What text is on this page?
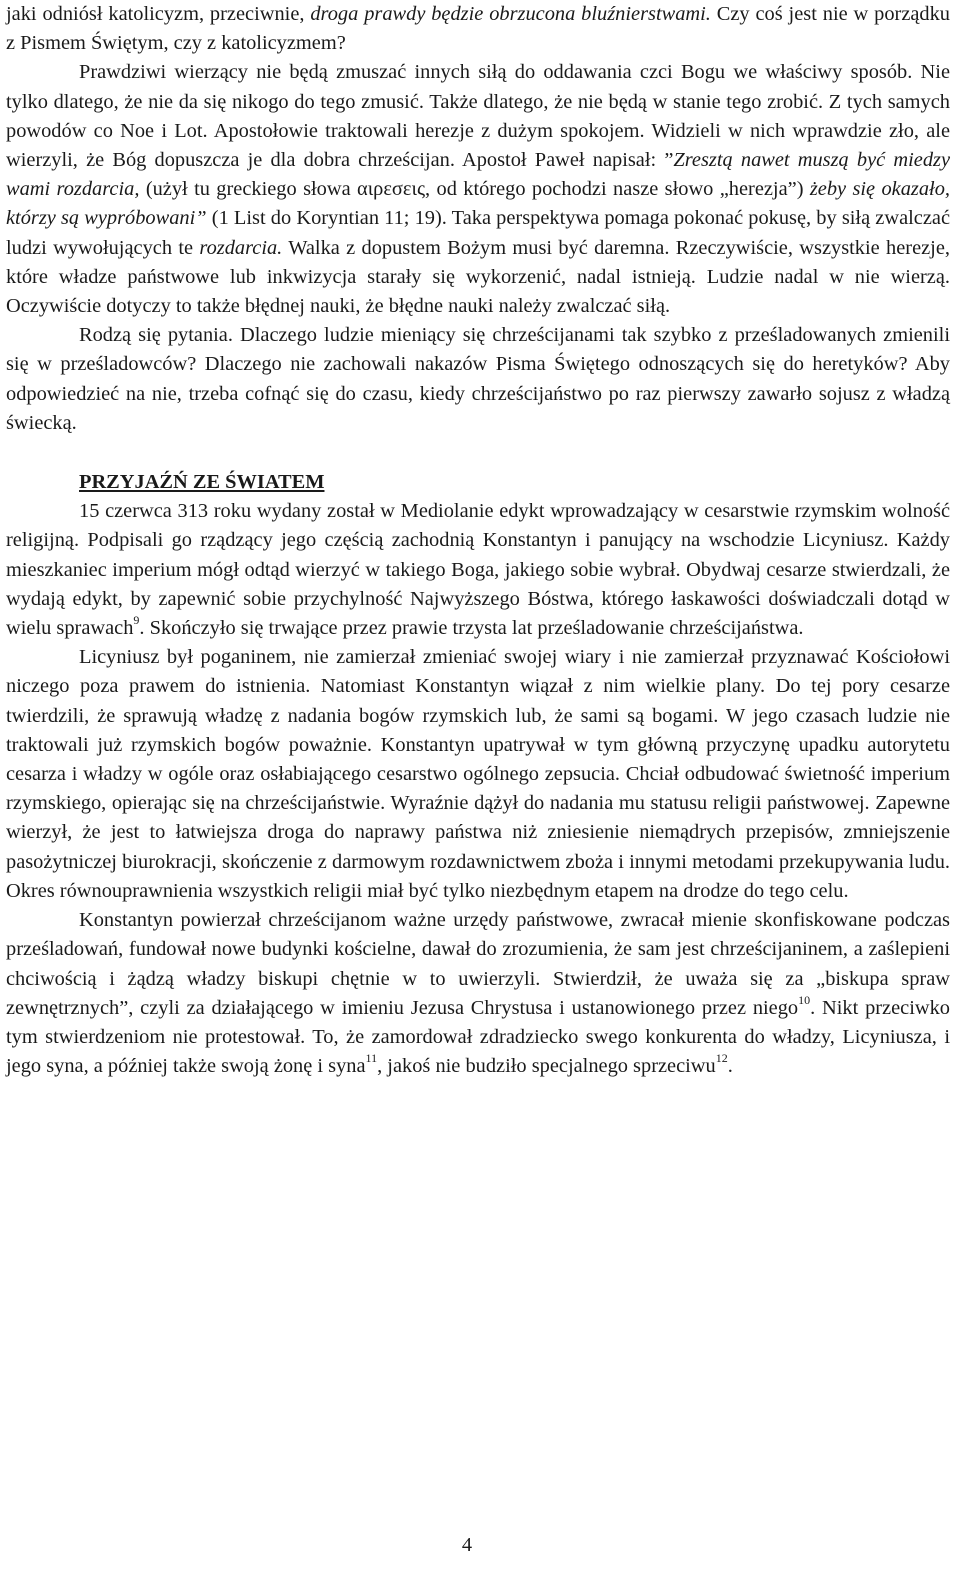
jaki odniósł katolicyzm, przeciwnie, droga prawdy będzie obrzucona bluźnierstwami. Czy coś jest nie w porządku z Pismem Świętym, czy z katolicyzmem?

Prawdziwi wierzący nie będą zmuszać innych siłą do oddawania czci Bogu we właściwy sposób. Nie tylko dlatego, że nie da się nikogo do tego zmusić. Także dlatego, że nie będą w stanie tego zrobić. Z tych samych powodów co Noe i Lot. Apostołowie traktowali herezje z dużym spokojem. Widzieli w nich wprawdzie zło, ale wierzyli, że Bóg dopuszcza je dla dobra chrześcijan. Apostoł Paweł napisał: ”Zresztą nawet muszą być miedzy wami rozdarcia, (użył tu greckiego słowa αιρεσεις, od którego pochodzi nasze słowo „herezja”) żeby się okazało, którzy są wypróbowani” (1 List do Koryntian 11; 19). Taka perspektywa pomaga pokonać pokusę, by siłą zwalczać ludzi wywołujących te rozdarcia. Walka z dopustem Bożym musi być daremna. Rzeczywiście, wszystkie herezje, które władze państwowe lub inkwizycja starały się wykorzenić, nadal istnieją. Ludzie nadal w nie wierzą. Oczywiście dotyczy to także błędnej nauki, że błędne nauki należy zwalczać siłą.

Rodzą się pytania. Dlaczego ludzie mieniący się chrześcijanami tak szybko z prześladowanych zmienili się w prześladowców? Dlaczego nie zachowali nakazów Pisma Świętego odnoszących się do heretyków? Aby odpowiedzieć na nie, trzeba cofnąć się do czasu, kiedy chrześcijaństwo po raz pierwszy zawarło sojusz z władzą świecką.

PRZYJAŹŃ ZE ŚWIATEM

15 czerwca 313 roku wydany został w Mediolanie edykt wprowadzający w cesarstwie rzymskim wolność religijną. Podpisali go rządzący jego częścią zachodnią Konstantyn i panujący na wschodzie Licyniusz. Każdy mieszkaniec imperium mógł odtąd wierzyć w takiego Boga, jakiego sobie wybrał. Obydwaj cesarze stwierdzali, że wydają edykt, by zapewnić sobie przychylność Najwyższego Bóstwa, którego łaskawości doświadczali dotąd w wielu sprawach$^9$. Skończyło się trwające przez prawie trzysta lat prześladowanie chrześcijaństwa.

Licyniusz był poganinem, nie zamierzał zmieniać swojej wiary i nie zamierzał przyznawać Kościołowi niczego poza prawem do istnienia. Natomiast Konstantyn wiązał z nim wielkie plany. Do tej pory cesarze twierdzili, że sprawują władzę z nadania bogów rzymskich lub, że sami są bogami. W jego czasach ludzie nie traktowali już rzymskich bogów poważnie. Konstantyn upatrywał w tym główną przyczynę upadku autorytetu cesarza i władzy w ogóle oraz osłabiającego cesarstwo ogólnego zepsucia. Chciał odbudować świetność imperium rzymskiego, opierając się na chrześcijaństwie. Wyraźnie dążył do nadania mu statusu religii państwowej. Zapewne wierzył, że jest to łatwiejsza droga do naprawy państwa niż zniesienie niemądrych przepisów, zmniejszenie pasożytniczej biurokracji, skończenie z darmowym rozdawnictwem zboża i innymi metodami przekupywania ludu. Okres równouprawnienia wszystkich religii miał być tylko niezbędnym etapem na drodze do tego celu.

Konstantyn powierzał chrześcijanom ważne urzędy państwowe, zwracał mienie skonfiskowane podczas prześladowań, fundował nowe budynki kościelne, dawał do zrozumienia, że sam jest chrześcijaninem, a zaślepieni chciwością i żądzą władzy biskupi chętnie w to uwierzyli. Stwierdził, że uważa się za „biskupa spraw zewnętrznych”, czyli za działającego w imieniu Jezusa Chrystusa i ustanowionego przez niego$^{10}$. Nikt przeciwko tym stwierdzeniom nie protestował. To, że zamordował zdradziecko swego konkurenta do władzy, Licyniusza, i jego syna, a później także swoją żonę i syna$^{11}$, jakoś nie budziło specjalnego sprzeciwu$^{12}$.

4
